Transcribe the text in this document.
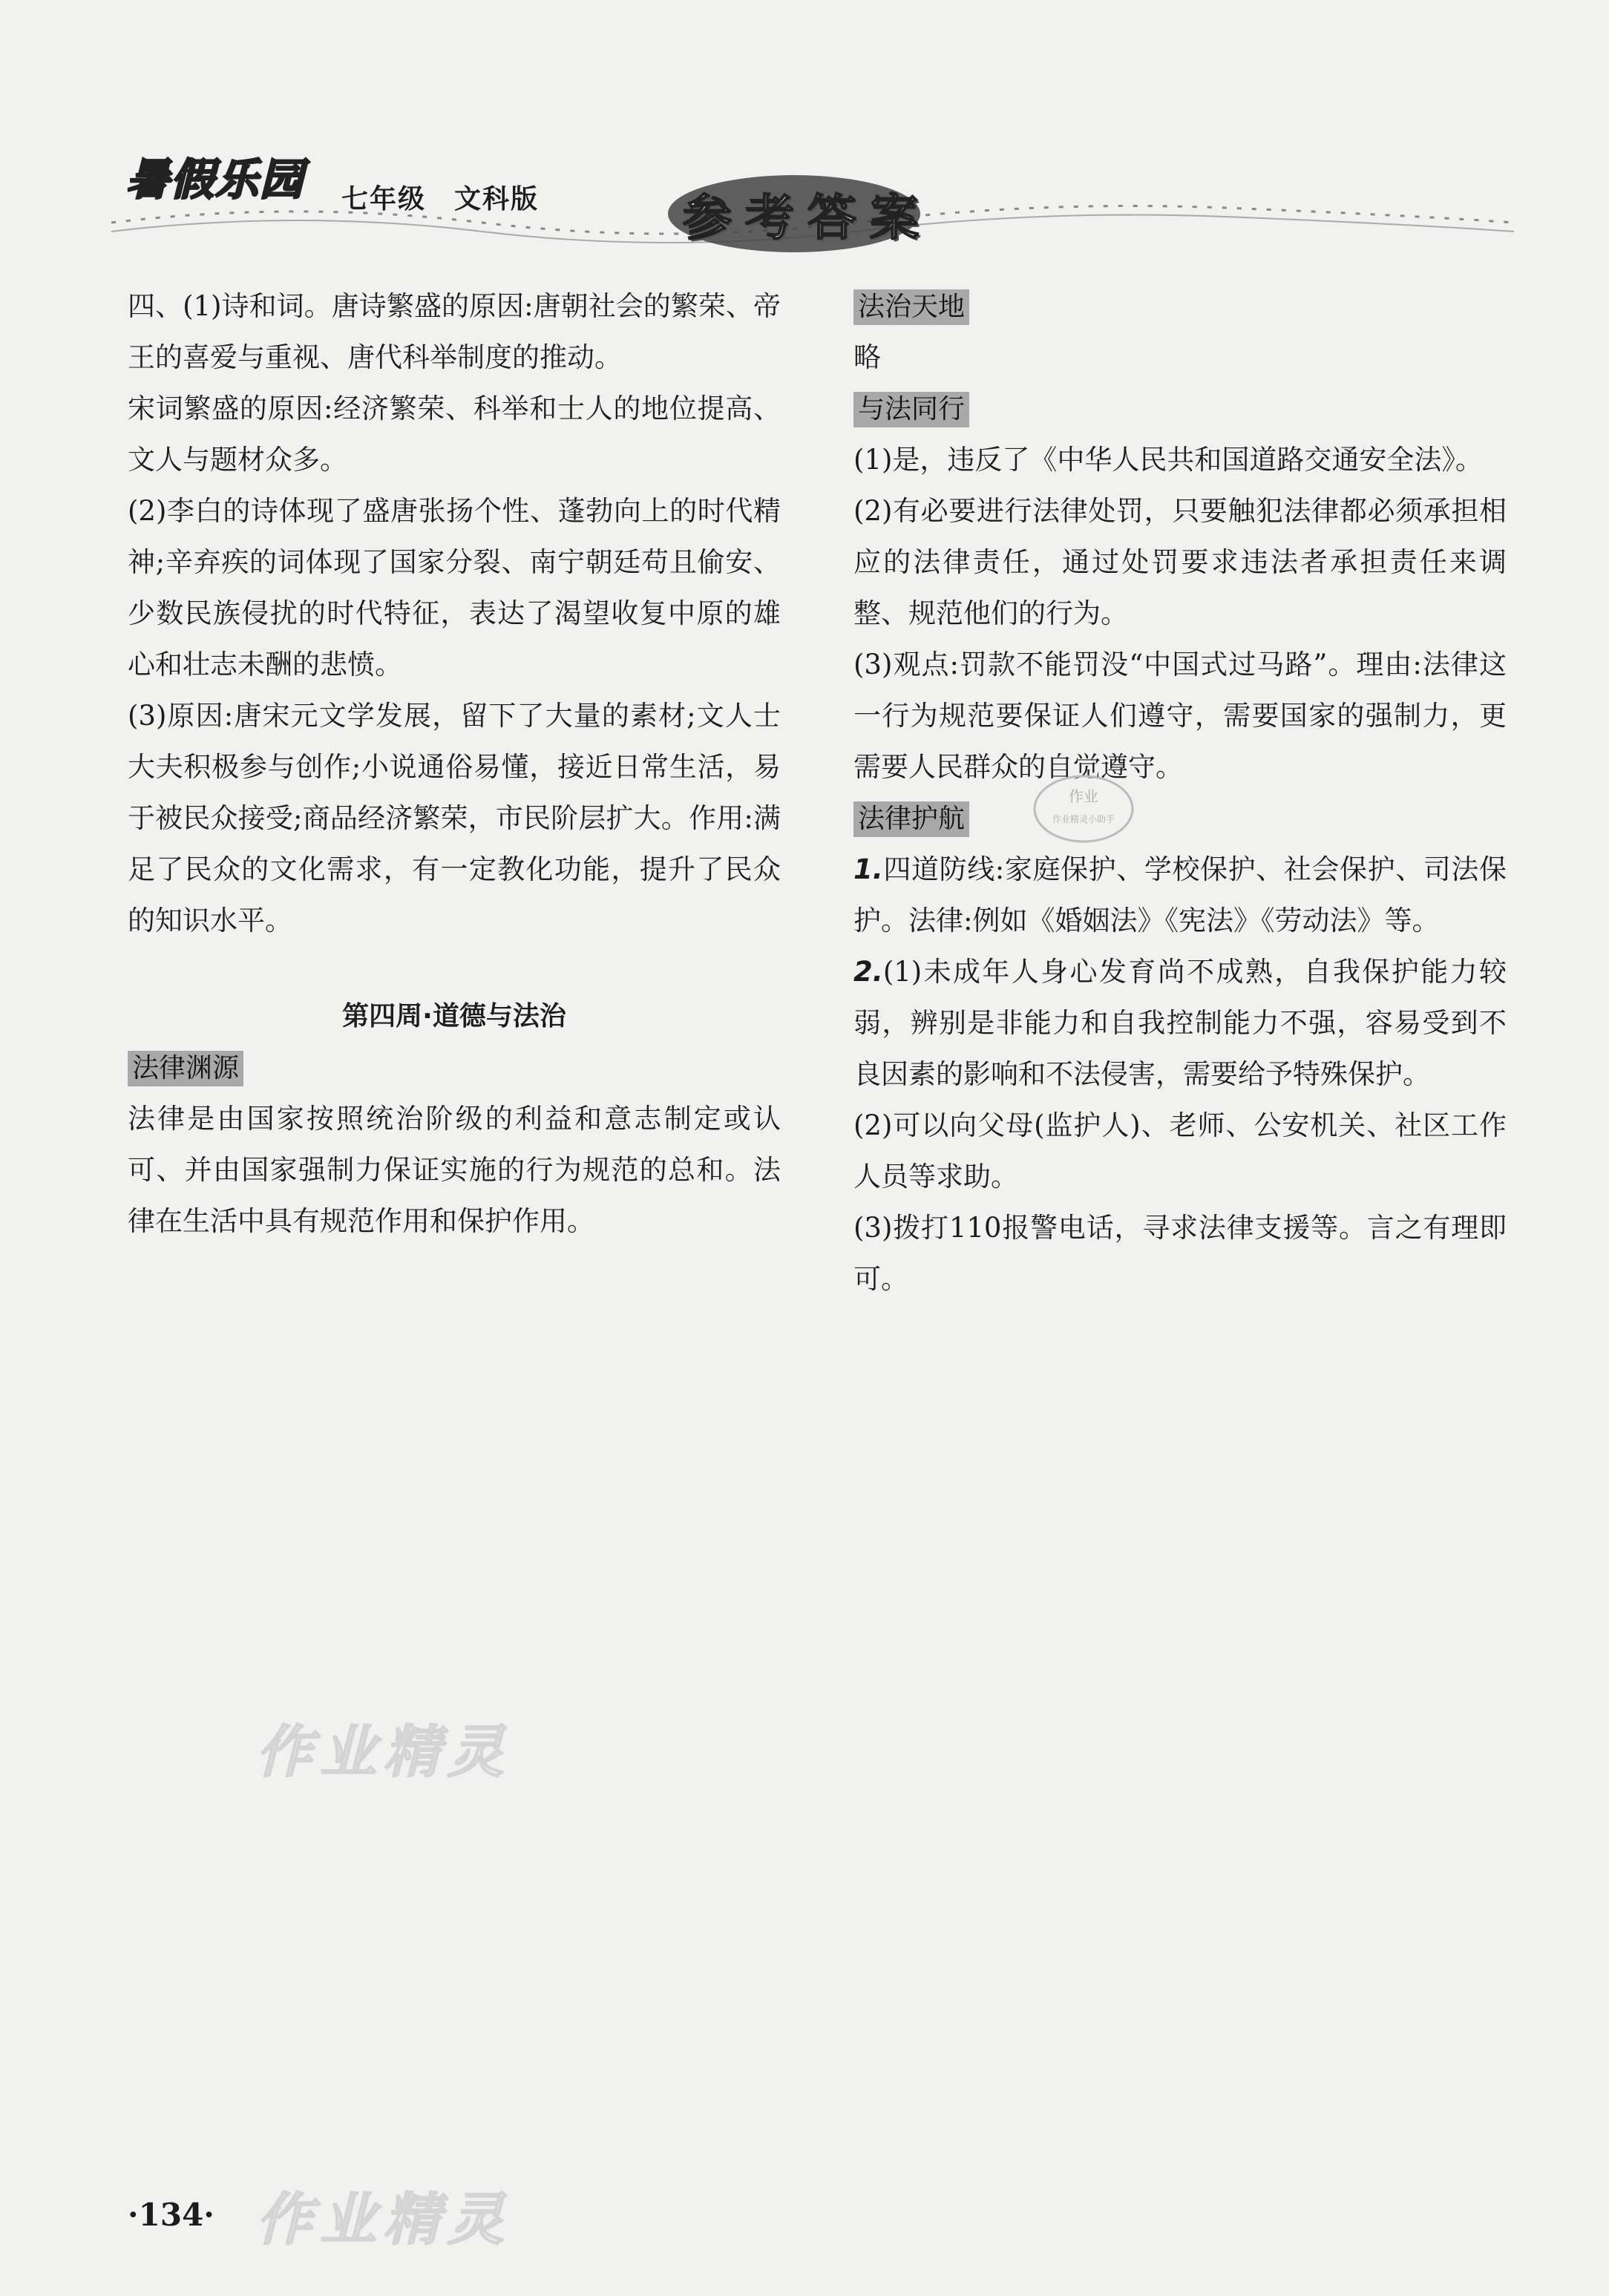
暑假乐园 七年级　文科版	参考答案

四、(1)诗和词。唐诗繁盛的原因:唐朝社会的繁荣、帝王的喜爱与重视、唐代科举制度的推动。

宋词繁盛的原因:经济繁荣、科举和士人的地位提高、文人与题材众多。

(2)李白的诗体现了盛唐张扬个性、蓬勃向上的时代精神;辛弃疾的词体现了国家分裂、南宁朝廷苟且偷安、少数民族侵扰的时代特征，表达了渴望收复中原的雄心和壮志未酬的悲愤。

(3)原因:唐宋元文学发展，留下了大量的素材;文人士大夫积极参与创作;小说通俗易懂，接近日常生活，易于被民众接受;商品经济繁荣，市民阶层扩大。作用:满足了民众的文化需求，有一定教化功能，提升了民众的知识水平。

第四周·道德与法治
法律渊源

法律是由国家按照统治阶级的利益和意志制定或认可、并由国家强制力保证实施的行为规范的总和。法律在生活中具有规范作用和保护作用。

法治天地

略

与法同行

(1)是，违反了《中华人民共和国道路交通安全法》。

(2)有必要进行法律处罚，只要触犯法律都必须承担相应的法律责任，通过处罚要求违法者承担责任来调整、规范他们的行为。

(3)观点:罚款不能罚没“中国式过马路”。理由:法律这一行为规范要保证人们遵守，需要国家的强制力，更需要人民群众的自觉遵守。

法律护航

1.四道防线:家庭保护、学校保护、社会保护、司法保护。法律:例如《婚姻法》《宪法》《劳动法》等。

2.(1)未成年人身心发育尚不成熟，自我保护能力较弱，辨别是非能力和自我控制能力不强，容易受到不良因素的影响和不法侵害，需要给予特殊保护。

(2)可以向父母(监护人)、老师、公安机关、社区工作人员等求助。

(3)拨打110报警电话，寻求法律支援等。言之有理即可。

作业
作业精灵小助手
作业精灵
作业精灵
·134·
